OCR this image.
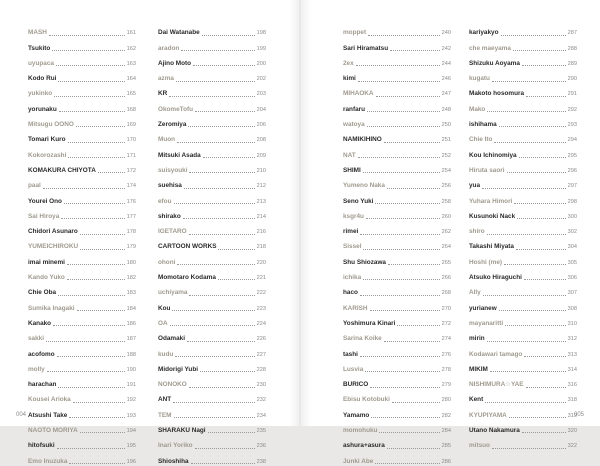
MASH	161
Tsukito	162
uyupaca	163
Kodo Rui	164
yukinko	165
yorunaku	168
Mitsugu OONO	169
Tomari Kuro	170
Kokorozashi	171
KOMAKURA CHIYOTA	172
paal	174
Yourei Ono	176
Sai Hiroya	177
Chidori Asunaro	178
YUMEICHIROKU	179
imai minemi	180
Kando Yuko	182
Chie Oba	183
Sumika Inagaki	184
Kanako	186
sakki	187
acofomo	188
molly	190
harachan	191
Kousei Arioka	192
Atsushi Take	193
NAOTO MORIYA	194
hitofsuki	195
Emo Inuzuka	196
Dai Watanabe	198
aradon	199
Ajino Moto	200
azma	202
KR	203
OkomeTofu	204
Zeromiya	206
Muon	208
Mitsuki Asada	209
suisyouki	210
suehisa	212
efou	213
shirako	214
IGETARO	216
CARTOON WORKS	218
ohoni	220
Momotaro Kodama	221
uchiyama	222
Kou	223
OA	224
Odamaki	226
kudu	227
Midorigi Yubi	228
NONOKO	230
ANT	232
TEM	234
SHARAKU Nagi	235
Inari Yoriko	236
Shioshiha	238
004
moppet	240
Sari Hiramatsu	242
2ex	244
kimi	246
MIHAOKA	247
ranfaru	248
watoya	250
NAMIKIHINO	251
NAT	252
SHIMI	254
Yumeno Naka	256
Seno Yuki	258
ksgr4u	260
rimei	262
Sissel	264
Shu Shiozawa	265
ichika	266
haco	268
KARISH	270
Yoshimura Kinari	272
Sarina Koike	274
tashi	276
Lusvia	278
BURICO	279
Ebisu Kotobuki	280
Yamamo	282
momohuku	284
ashura+asura	285
Junki Abe	286
kariyakyo	287
che maeyama	288
Shizuku Aoyama	289
kugatu	290
Makoto hosomura	291
Mako	292
ishihama	293
Chie Ito	294
Kou Ichinomiya	295
Hiruta saori	296
yua	297
Yuhara Himori	298
Kusunoki Nack	300
shiro	302
Takashi Miyata	304
Hoshi (me)	305
Atsuko Hiraguchi	306
Ally	307
yurianew	308
mayanaritti	310
mirin	312
Kodawari tamago	313
MIKIM	314
NISHIMURA☆YAE	316
Kent	318
KYUPIYAMA	319
Utano Nakamura	320
mitsuo	322
005
